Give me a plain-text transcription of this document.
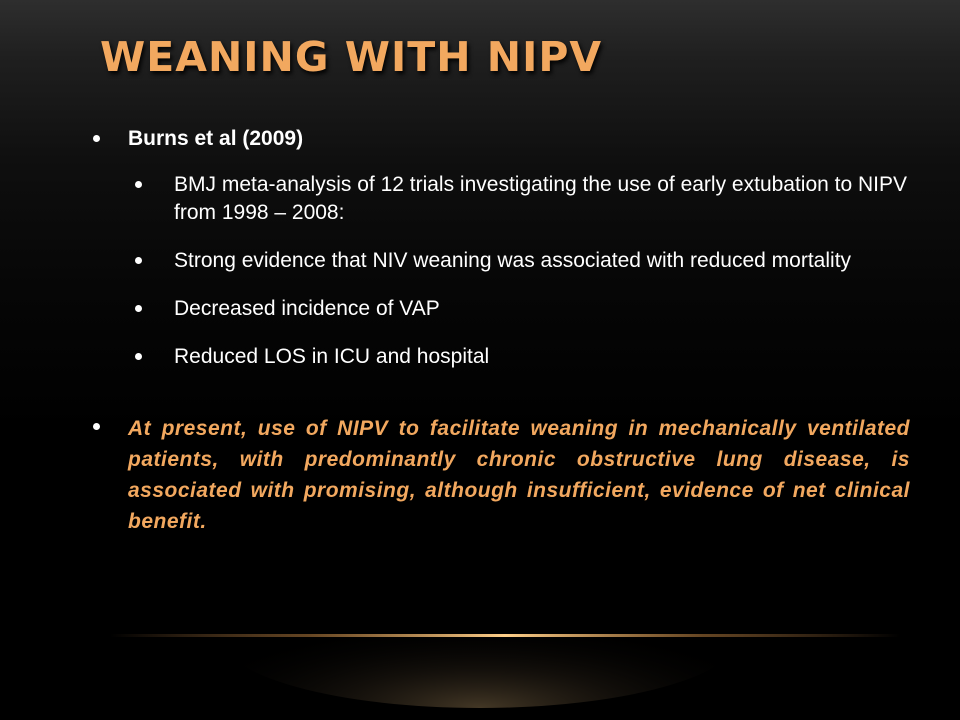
WEANING WITH NIPV
Burns et al (2009)
BMJ meta-analysis of 12 trials investigating the use of early extubation to NIPV from 1998 – 2008:
Strong evidence that NIV weaning was associated with reduced mortality
Decreased incidence of VAP
Reduced LOS in ICU and hospital
At present, use of NIPV to facilitate weaning in mechanically ventilated patients, with predominantly chronic obstructive lung disease, is associated with promising, although insufficient, evidence of net clinical benefit.
